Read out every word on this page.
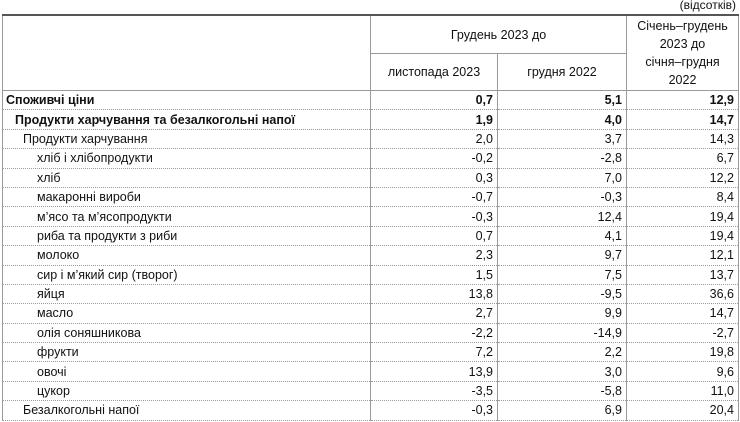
(відсотків)
	Грудень 2023 до		Січень–грудень
2023 до
січня–грудня
2022

	листопада 2023	грудня 2022	
Споживчі ціни	0,7	5,1	12,9
Продукти харчування та безалкогольні напої	1,9	4,0	14,7
Продукти харчування	2,0	3,7	14,3
хліб і хлібопродукти	-0,2	-2,8	6,7
хліб	0,3	7,0	12,2
макаронні вироби	-0,7	-0,3	8,4
м’ясо та м’ясопродукти	-0,3	12,4	19,4
риба та продукти з риби	0,7	4,1	19,4
молоко	2,3	9,7	12,1
сир і м’який сир (творог)	1,5	7,5	13,7
яйця	13,8	-9,5	36,6
масло	2,7	9,9	14,7
олія соняшникова	-2,2	-14,9	-2,7
фрукти	7,2	2,2	19,8
овочі	13,9	3,0	9,6
цукор	-3,5	-5,8	11,0
Безалкогольні напої	-0,3	6,9	20,4
